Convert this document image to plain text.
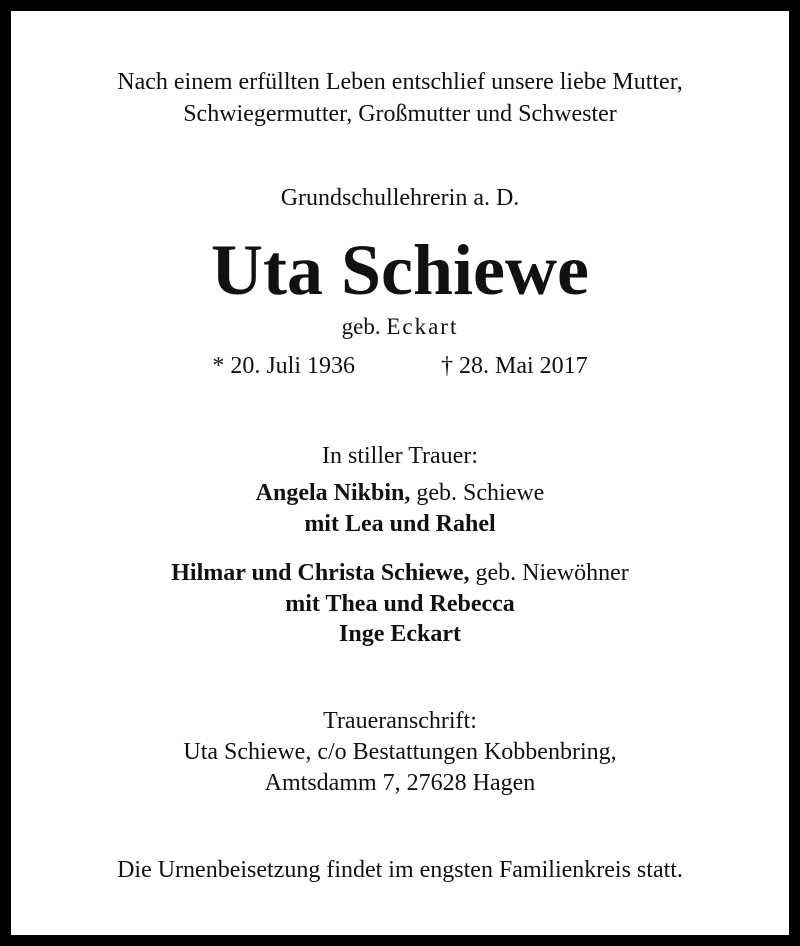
Nach einem erfüllten Leben entschlief unsere liebe Mutter,
Schwiegermutter, Großmutter und Schwester
Grundschullehrerin a. D.
Uta Schiewe
geb. Eckart
* 20. Juli 1936	† 28. Mai 2017
In stiller Trauer:
Angela Nikbin, geb. Schiewe
mit Lea und Rahel
Hilmar und Christa Schiewe, geb. Niewöhner
mit Thea und Rebecca
Inge Eckart
Traueranschrift:
Uta Schiewe, c/o Bestattungen Kobbenbring,
Amtsdamm 7, 27628 Hagen
Die Urnenbeisetzung findet im engsten Familienkreis statt.
